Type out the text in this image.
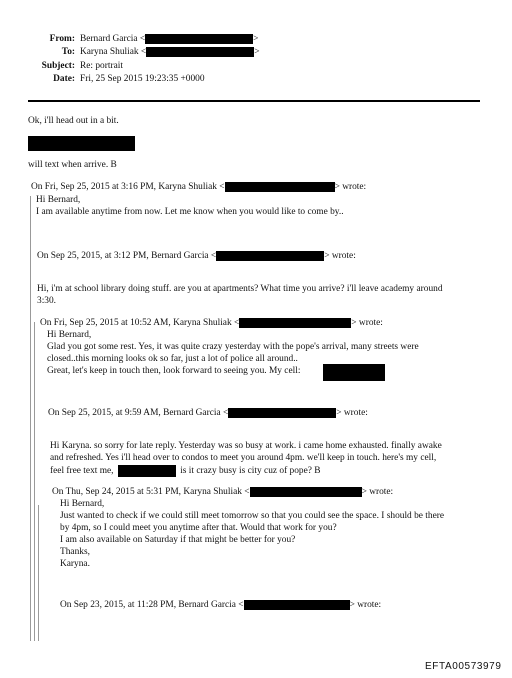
From: Bernard Garcia <	>
To: Karyna Shuliak <	>
Subject: Re: portrait
Date: Fri, 25 Sep 2015 19:23:35 +0000
Ok, i'll head out in a bit.
will text when arrive. B
On Fri, Sep 25, 2015 at 3:16 PM, Karyna Shuliak <	> wrote:
Hi Bernard,
I am available anytime from now. Let me know when you would like to come by..
On Sep 25, 2015, at 3:12 PM, Bernard Garcia <	> wrote:
Hi, i'm at school library doing stuff. are you at apartments? What time you arrive? i'll leave academy around
3:30.
On Fri, Sep 25, 2015 at 10:52 AM, Karyna Shuliak <	> wrote:
Hi Bernard,
Glad you got some rest. Yes, it was quite crazy yesterday with the pope's arrival, many streets were
closed..this morning looks ok so far, just a lot of police all around..
Great, let's keep in touch then, look forward to seeing you. My cell:
On Sep 25, 2015, at 9:59 AM, Bernard Garcia <	> wrote:
Hi Karyna. so sorry for late reply. Yesterday was so busy at work. i came home exhausted. finally awake
and refreshed. Yes i'll head over to condos to meet you around 4pm. we'll keep in touch. here's my cell,
feel free text me,	is it crazy busy is city cuz of pope? B
On Thu, Sep 24, 2015 at 5:31 PM, Karyna Shuliak <	> wrote:
Hi Bernard,
Just wanted to check if we could still meet tomorrow so that you could see the space. I should be there
by 4pm, so I could meet you anytime after that. Would that work for you?
I am also available on Saturday if that might be better for you?
Thanks,
Karyna.
On Sep 23, 2015, at 11:28 PM, Bernard Garcia <	> wrote:
EFTA00573979
